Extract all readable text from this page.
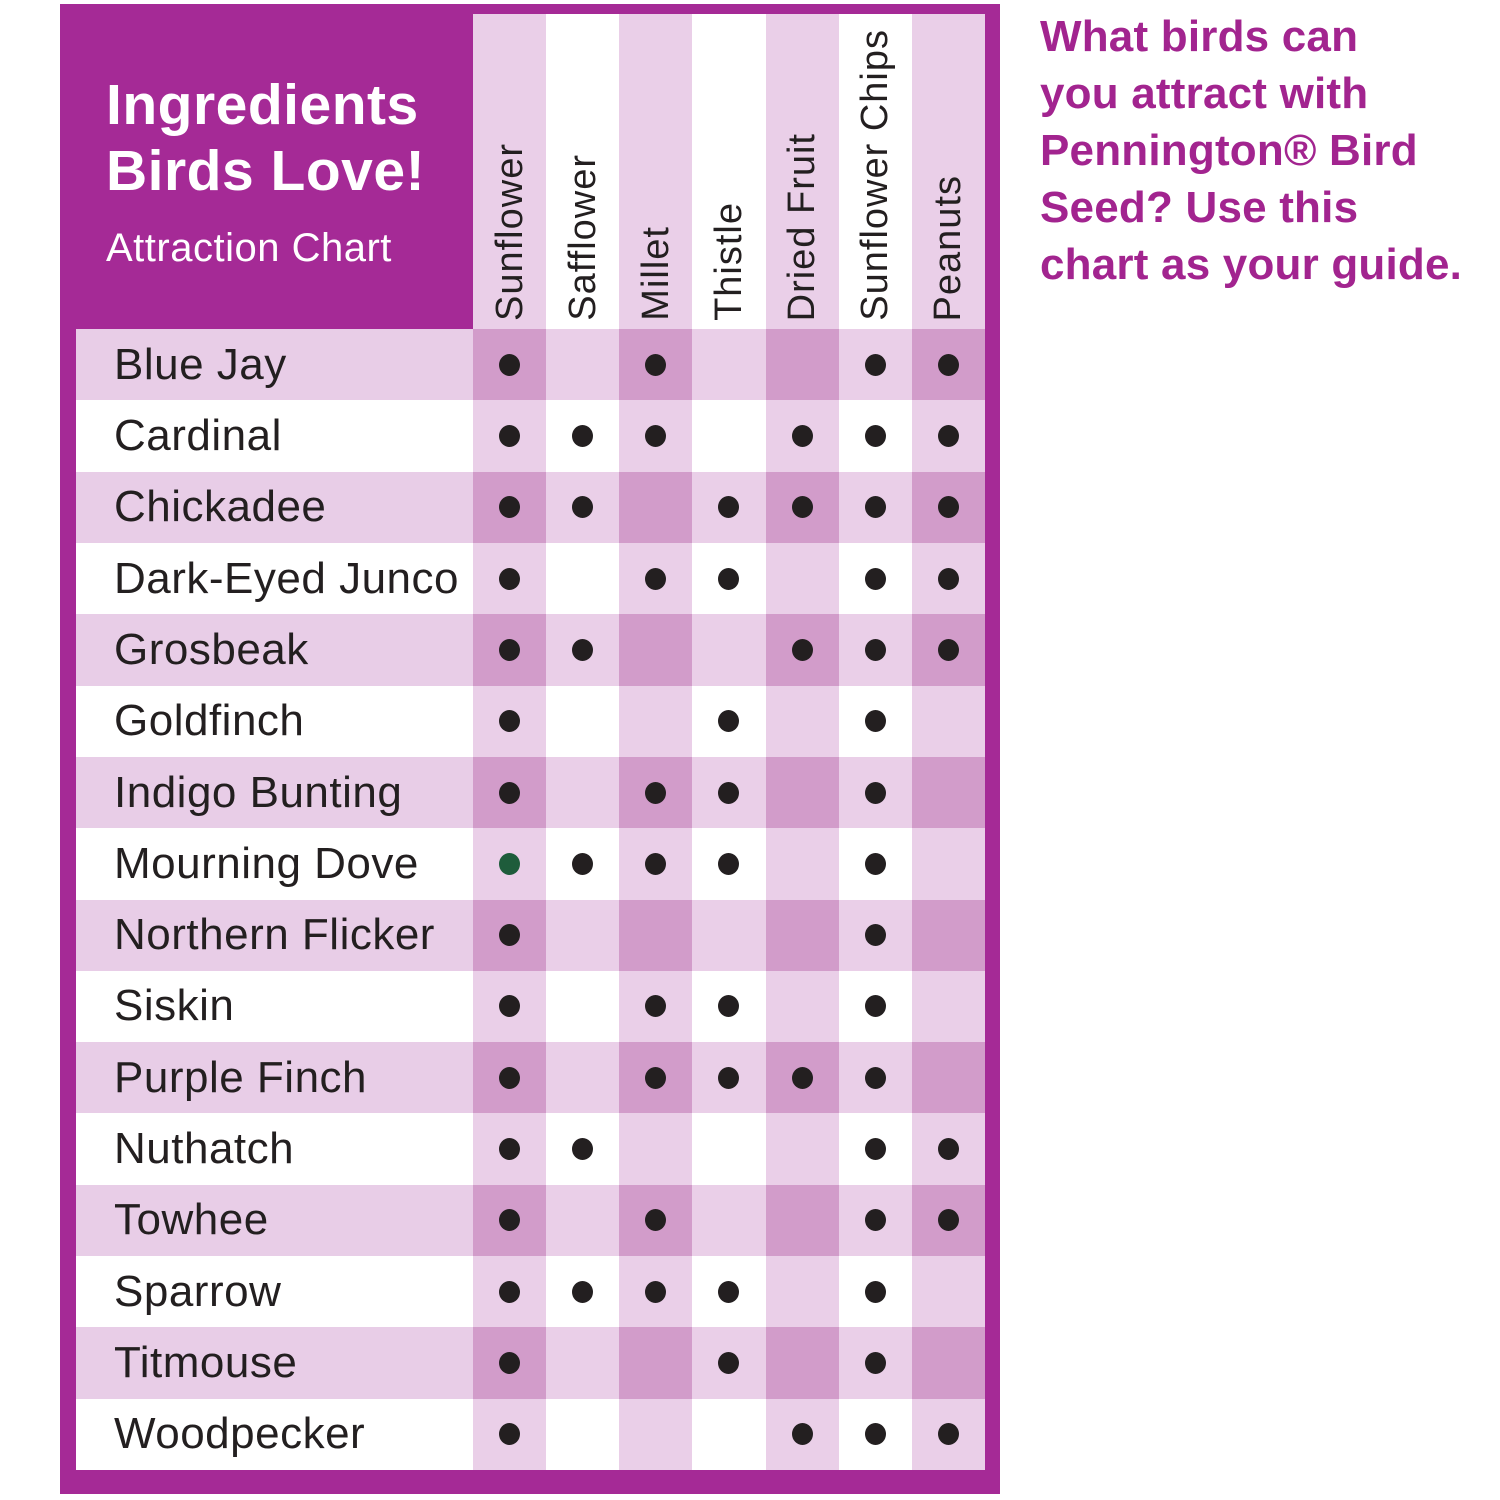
Ingredients
Birds Love!
Attraction Chart	Sunflower Safflower Millet Thistle Dried Fruit Sunflower Chips Peanuts
Blue Jay
Cardinal
Chickadee
Dark-Eyed Junco
Grosbeak
Goldfinch
Indigo Bunting
Mourning Dove
Northern Flicker
Siskin
Purple Finch
Nuthatch
Towhee
Sparrow
Titmouse
Woodpecker
What birds can
you attract with
Pennington® Bird
Seed? Use this
chart as your guide.
